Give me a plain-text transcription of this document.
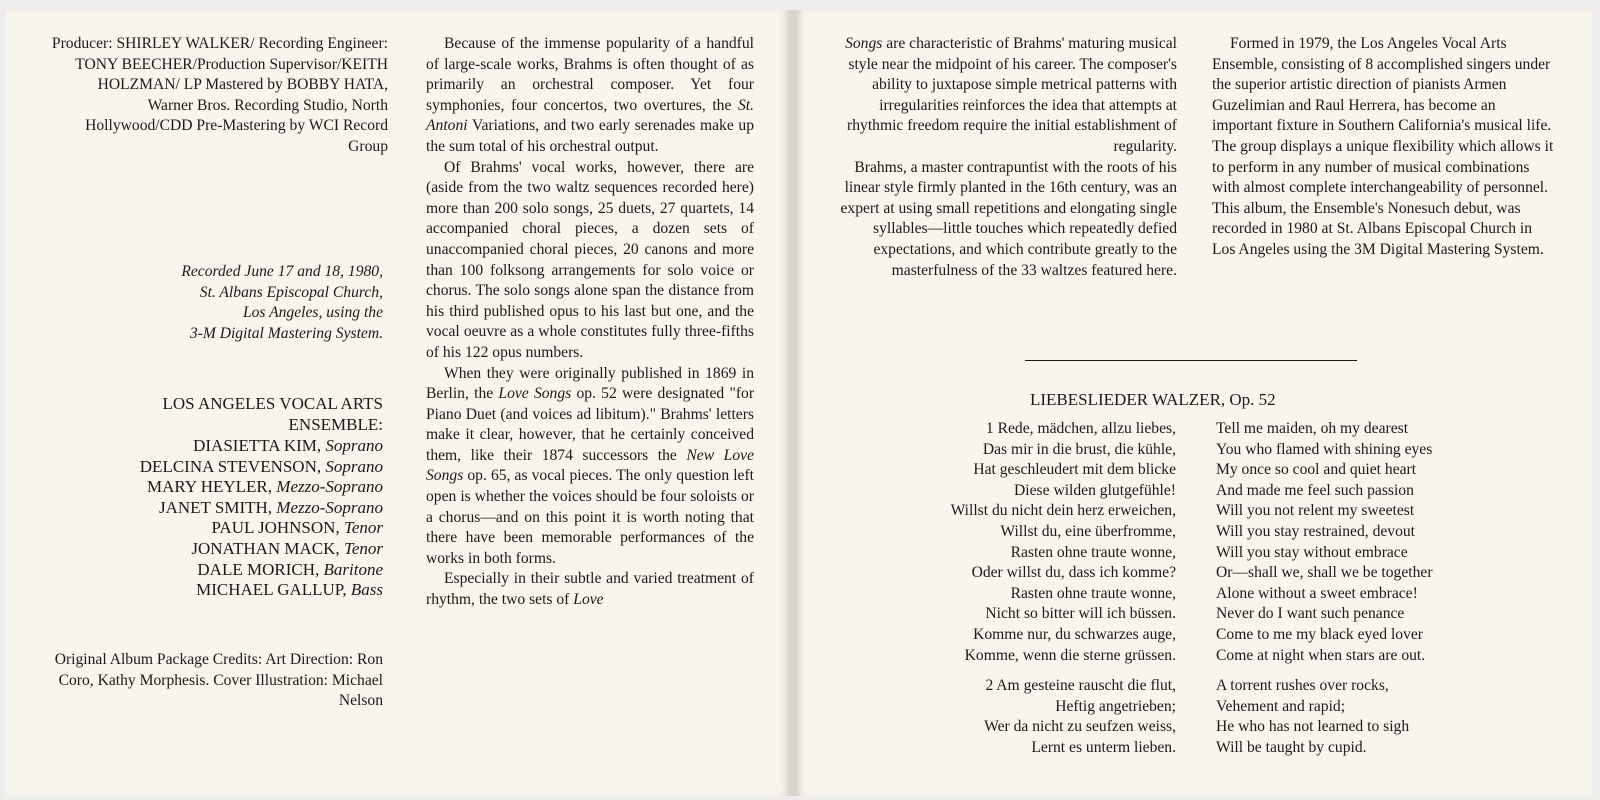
Producer: SHIRLEY WALKER/ Recording Engineer: TONY BEECHER/Production Supervisor/KEITH HOLZMAN/ LP Mastered by BOBBY HATA, Warner Bros. Recording Studio, North Hollywood/CDD Pre-Mastering by WCI Record Group

Recorded June 17 and 18, 1980,
St. Albans Episcopal Church,
Los Angeles, using the
3-M Digital Mastering System.
LOS ANGELES VOCAL ARTS
ENSEMBLE:
DIASIETTA KIM, Soprano
DELCINA STEVENSON, Soprano
MARY HEYLER, Mezzo-Soprano
JANET SMITH, Mezzo-Soprano
PAUL JOHNSON, Tenor
JONATHAN MACK, Tenor
DALE MORICH, Baritone
MICHAEL GALLUP, Bass

Original Album Package Credits: Art Direction: Ron Coro, Kathy Morphesis. Cover Illustration: Michael Nelson

Because of the immense popularity of a handful of large-scale works, Brahms is often thought of as primarily an orchestral composer. Yet four symphonies, four concertos, two overtures, the St. Antoni Variations, and two early serenades make up the sum total of his orchestral output.

Of Brahms' vocal works, however, there are (aside from the two waltz sequences recorded here) more than 200 solo songs, 25 duets, 27 quartets, 14 accompanied choral pieces, a dozen sets of unaccompanied choral pieces, 20 canons and more than 100 folksong arrangements for solo voice or chorus. The solo songs alone span the distance from his third published opus to his last but one, and the vocal oeuvre as a whole constitutes fully three-fifths of his 122 opus numbers.

When they were originally published in 1869 in Berlin, the Love Songs op. 52 were designated "for Piano Duet (and voices ad libitum)." Brahms' letters make it clear, however, that he certainly conceived them, like their 1874 successors the New Love Songs op. 65, as vocal pieces. The only question left open is whether the voices should be four soloists or a chorus—and on this point it is worth noting that there have been memorable performances of the works in both forms.

Especially in their subtle and varied treatment of rhythm, the two sets of Love

Songs are characteristic of Brahms' maturing musical style near the midpoint of his career. The composer's ability to juxtapose simple metrical patterns with irregularities reinforces the idea that attempts at rhythmic freedom require the initial establishment of regularity.

Brahms, a master contrapuntist with the roots of his linear style firmly planted in the 16th century, was an expert at using small repetitions and elongating single syllables—little touches which repeatedly defied expectations, and which contribute greatly to the masterfulness of the 33 waltzes featured here.

Formed in 1979, the Los Angeles Vocal Arts Ensemble, consisting of 8 accomplished singers under the superior artistic direction of pianists Armen Guzelimian and Raul Herrera, has become an important fixture in Southern California's musical life. The group displays a unique flexibility which allows it to perform in any number of musical combinations with almost complete interchangeability of personnel. This album, the Ensemble's Nonesuch debut, was recorded in 1980 at St. Albans Episcopal Church in Los Angeles using the 3M Digital Mastering System.

LIEBESLIEDER WALZER, Op. 52
1 Rede, mädchen, allzu liebes,
Das mir in die brust, die kühle,
Hat geschleudert mit dem blicke
Diese wilden glutgefühle!
Willst du nicht dein herz erweichen,
Willst du, eine überfromme,
Rasten ohne traute wonne,
Oder willst du, dass ich komme?
Rasten ohne traute wonne,
Nicht so bitter will ich büssen.
Komme nur, du schwarzes auge,
Komme, wenn die sterne grüssen.
Tell me maiden, oh my dearest
You who flamed with shining eyes
My once so cool and quiet heart
And made me feel such passion
Will you not relent my sweetest
Will you stay restrained, devout
Will you stay without embrace
Or—shall we, shall we be together
Alone without a sweet embrace!
Never do I want such penance
Come to me my black eyed lover
Come at night when stars are out.
2 Am gesteine rauscht die flut,
Heftig angetrieben;
Wer da nicht zu seufzen weiss,
Lernt es unterm lieben.
A torrent rushes over rocks,
Vehement and rapid;
He who has not learned to sigh
Will be taught by cupid.
